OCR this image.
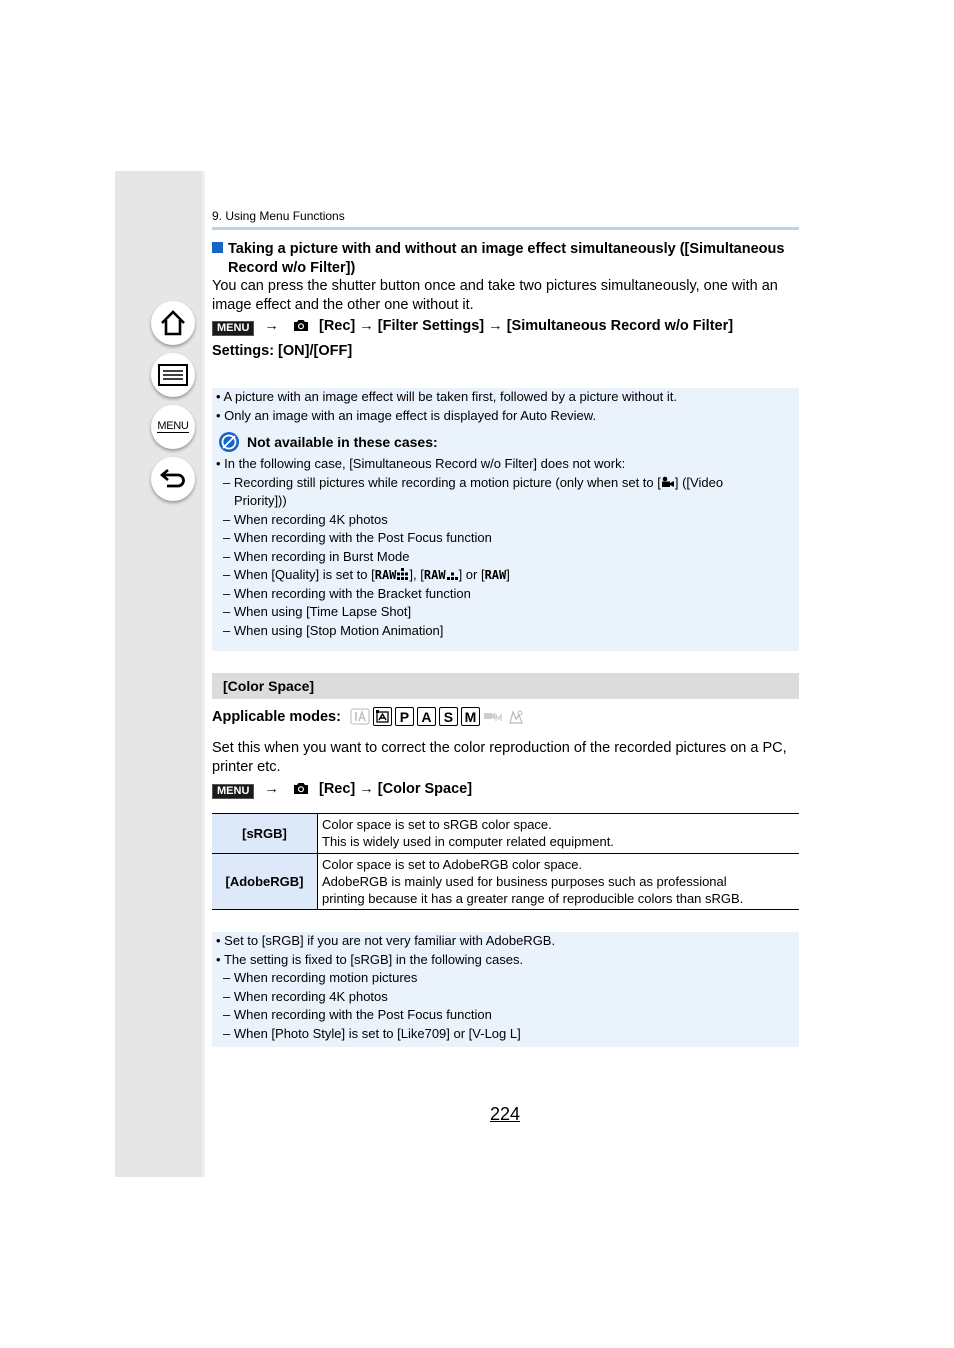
MENU
9. Using Menu Functions
Taking a picture with and without an image effect simultaneously ([Simultaneous
Record w/o Filter])
You can press the shutter button once and take two pictures simultaneously, one with an image effect and the other one without it.
MENU →	[Rec] → [Filter Settings] → [Simultaneous Record w/o Filter]
Settings: [ON]/[OFF]
• A picture with an image effect will be taken first, followed by a picture without it.
• Only an image with an image effect is displayed for Auto Review.
Not available in these cases:
• In the following case, [Simultaneous Record w/o Filter] does not work:
– Recording still pictures while recording a motion picture (only when set to [ ] ([Video
Priority]))
– When recording 4K photos
– When recording with the Post Focus function
– When recording in Burst Mode
– When [Quality] is set to [RAW ], [RAW ] or [RAW]
– When recording with the Bracket function
– When using [Time Lapse Shot]
– When using [Stop Motion Animation]
[Color Space]
Applicable modes:	P A S M
Set this when you want to correct the color reproduction of the recorded pictures on a PC, printer etc.
MENU →	[Rec] → [Color Space]
[sRGB]	Color space is set to sRGB color space.
This is widely used in computer related equipment.

[AdobeRGB]	Color space is set to AdobeRGB color space.
AdobeRGB is mainly used for business purposes such as professional
printing because it has a greater range of reproducible colors than sRGB.
• Set to [sRGB] if you are not very familiar with AdobeRGB.
• The setting is fixed to [sRGB] in the following cases.
– When recording motion pictures
– When recording 4K photos
– When recording with the Post Focus function
– When [Photo Style] is set to [Like709] or [V-Log L]
224
